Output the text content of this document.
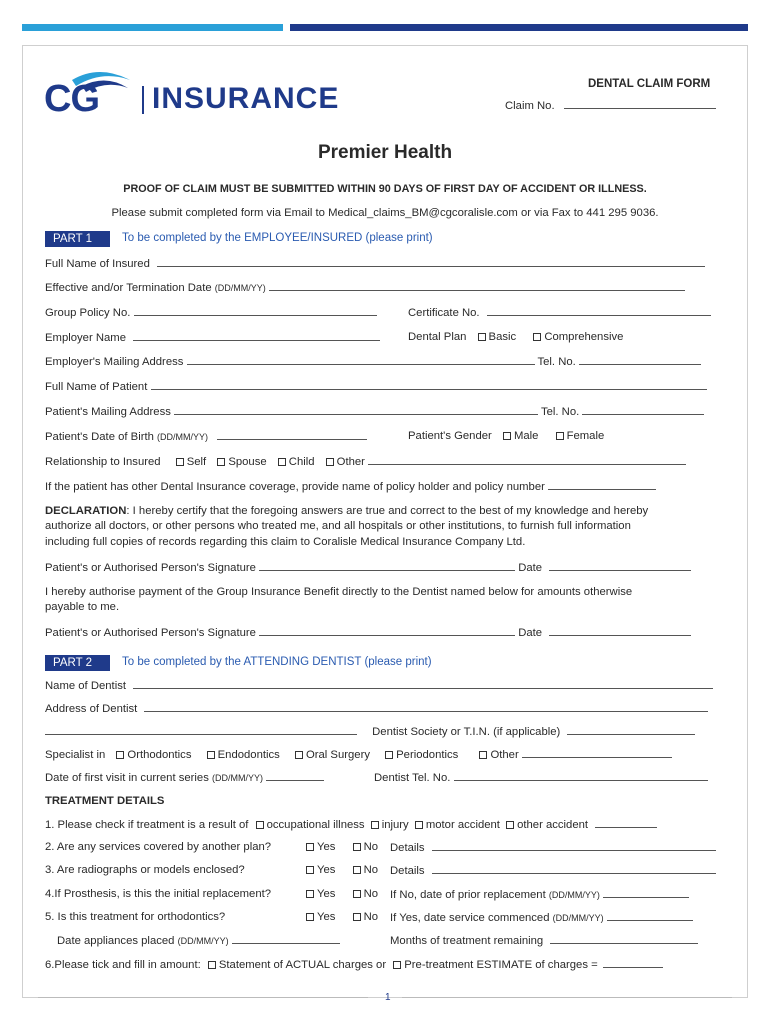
CG INSURANCE	DENTAL CLAIM FORM
Claim No.
Premier Health
PROOF OF CLAIM MUST BE SUBMITTED WITHIN 90 DAYS OF FIRST DAY OF ACCIDENT OR ILLNESS.
Please submit completed form via Email to Medical_claims_BM@cgcoralisle.com or via Fax to 441 295 9036.
PART 1	To be completed by the EMPLOYEE/INSURED (please print)
Full Name of Insured
Effective and/or Termination Date (DD/MM/YY)
Group Policy No.	Certificate No.
Employer Name	Dental Plan Basic Comprehensive
Employer's Mailing Address	Tel. No.
Full Name of Patient
Patient's Mailing Address	Tel. No.
Patient's Date of Birth (DD/MM/YY)	Patient's Gender Male Female
Relationship to Insured Self Spouse Child Other
If the patient has other Dental Insurance coverage, provide name of policy holder and policy number
DECLARATION: I hereby certify that the foregoing answers are true and correct to the best of my knowledge and hereby
authorize all doctors, or other persons who treated me, and all hospitals or other institutions, to furnish full information
including full copies of records regarding this claim to Coralisle Medical Insurance Company Ltd.
Patient's or Authorised Person's Signature	Date
I hereby authorise payment of the Group Insurance Benefit directly to the Dentist named below for amounts otherwise
payable to me.
Patient's or Authorised Person's Signature	Date
PART 2	To be completed by the ATTENDING DENTIST (please print)
Name of Dentist
Address of Dentist
Dentist Society or T.I.N. (if applicable)
Specialist in Orthodontics Endodontics Oral Surgery Periodontics	Other
Date of first visit in current series (DD/MM/YY)	Dentist Tel. No.
TREATMENT DETAILS
1. Please check if treatment is a result of occupational illness injury motor accident other accident
2. Are any services covered by another plan?	Yes No Details
3. Are radiographs or models enclosed?	Yes No Details
4.If Prosthesis, is this the initial replacement?	Yes No If No, date of prior replacement (DD/MM/YY)
5. Is this treatment for orthodontics?	Yes No If Yes, date service commenced (DD/MM/YY)
Date appliances placed (DD/MM/YY)	Months of treatment remaining
6.Please tick and fill in amount: Statement of ACTUAL charges or Pre-treatment ESTIMATE of charges =
1
